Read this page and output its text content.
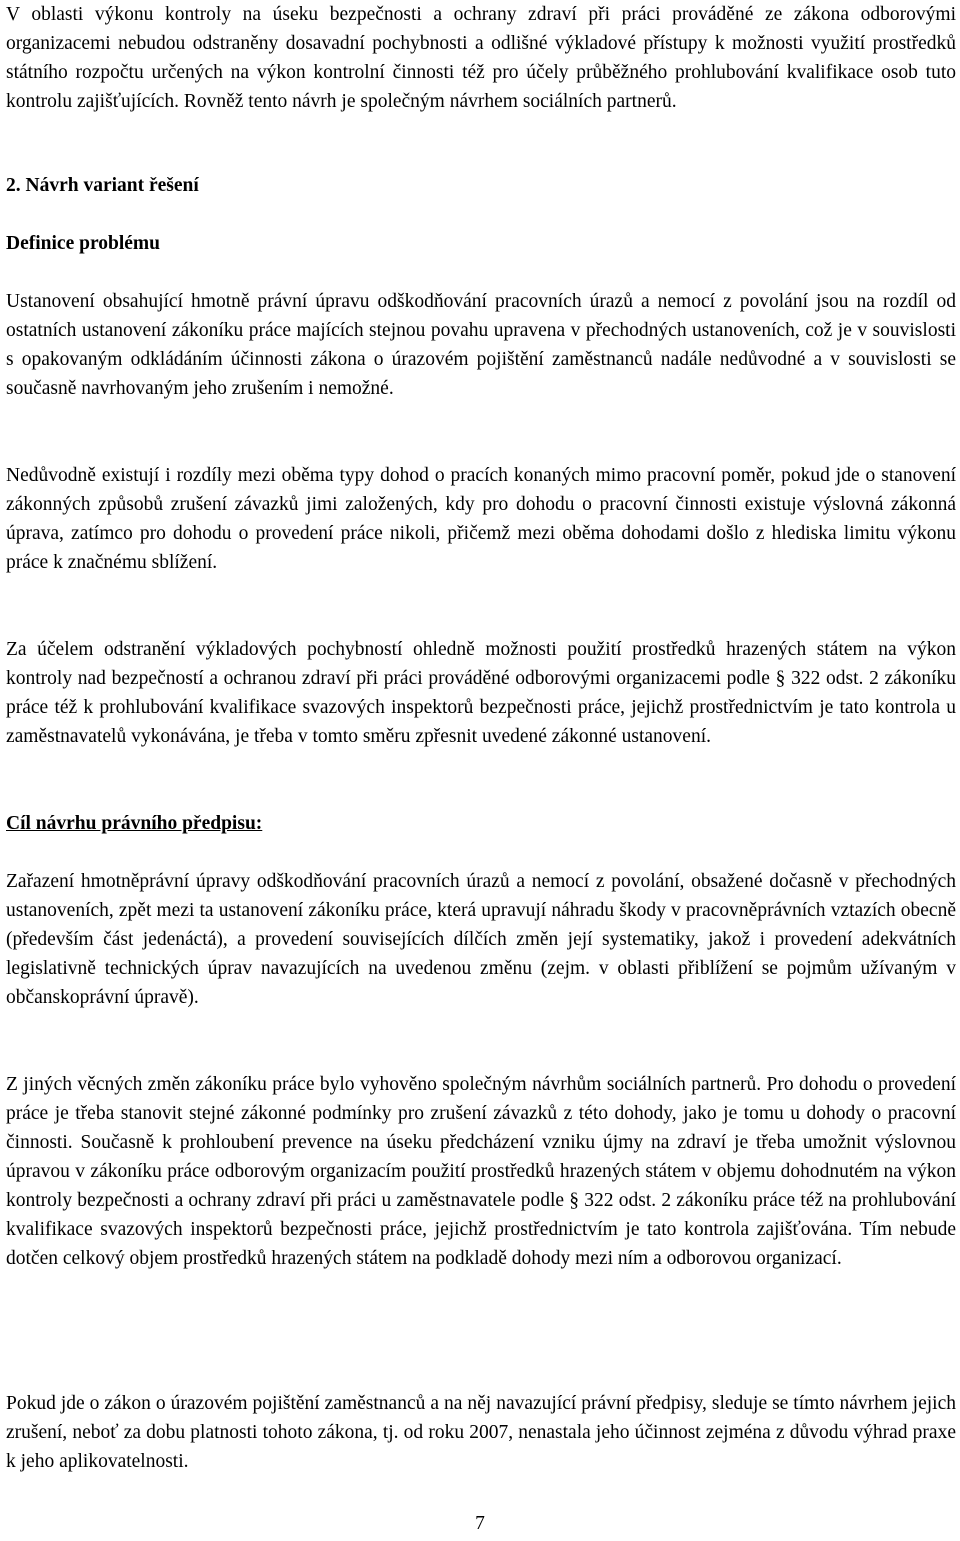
V oblasti výkonu kontroly na úseku bezpečnosti a ochrany zdraví při práci prováděné ze zákona odborovými organizacemi nebudou odstraněny dosavadní pochybnosti a odlišné výkladové přístupy k možnosti využití prostředků státního rozpočtu určených na výkon kontrolní činnosti též pro účely průběžného prohlubování kvalifikace osob tuto kontrolu zajišťujících. Rovněž tento návrh je společným návrhem sociálních partnerů.

2. Návrh variant řešení

Definice problému

Ustanovení obsahující hmotně právní úpravu odškodňování pracovních úrazů a nemocí z povolání jsou na rozdíl od ostatních ustanovení zákoníku práce majících stejnou povahu upravena v přechodných ustanoveních, což je v souvislosti s opakovaným odkládáním účinnosti zákona o úrazovém pojištění zaměstnanců nadále nedůvodné a v souvislosti se současně navrhovaným jeho zrušením i nemožné.

Nedůvodně existují i rozdíly mezi oběma typy dohod o pracích konaných mimo pracovní poměr, pokud jde o stanovení zákonných způsobů zrušení závazků jimi založených, kdy pro dohodu o pracovní činnosti existuje výslovná zákonná úprava, zatímco pro dohodu o provedení práce nikoli, přičemž mezi oběma dohodami došlo z hlediska limitu výkonu práce k značnému sblížení.

Za účelem odstranění výkladových pochybností ohledně možnosti použití prostředků hrazených státem na výkon kontroly nad bezpečností a ochranou zdraví při práci prováděné odborovými organizacemi podle § 322 odst. 2 zákoníku práce též k prohlubování kvalifikace svazových inspektorů bezpečnosti práce, jejichž prostřednictvím je tato kontrola u zaměstnavatelů vykonávána, je třeba v tomto směru zpřesnit uvedené zákonné ustanovení.

Cíl návrhu právního předpisu:

Zařazení hmotněprávní úpravy odškodňování pracovních úrazů a nemocí z povolání, obsažené dočasně v přechodných ustanoveních, zpět mezi ta ustanovení zákoníku práce, která upravují náhradu škody v pracovněprávních vztazích obecně (především část jedenáctá), a provedení souvisejících dílčích změn její systematiky, jakož i provedení adekvátních legislativně technických úprav navazujících na uvedenou změnu (zejm. v oblasti přiblížení se pojmům užívaným v občanskoprávní úpravě).

Z jiných věcných změn zákoníku práce bylo vyhověno společným návrhům sociálních partnerů. Pro dohodu o provedení práce je třeba stanovit stejné zákonné podmínky pro zrušení závazků z této dohody, jako je tomu u dohody o pracovní činnosti. Současně k prohloubení prevence na úseku předcházení vzniku újmy na zdraví je třeba umožnit výslovnou úpravou v zákoníku práce odborovým organizacím použití prostředků hrazených státem v objemu dohodnutém na výkon kontroly bezpečnosti a ochrany zdraví při práci u zaměstnavatele podle § 322 odst. 2 zákoníku práce též na prohlubování kvalifikace svazových inspektorů bezpečnosti práce, jejichž prostřednictvím je tato kontrola zajišťována. Tím nebude dotčen celkový objem prostředků hrazených státem na podkladě dohody mezi ním a odborovou organizací.

Pokud jde o zákon o úrazovém pojištění zaměstnanců a na něj navazující právní předpisy, sleduje se tímto návrhem jejich zrušení, neboť za dobu platnosti tohoto zákona, tj. od roku 2007, nenastala jeho účinnost zejména z důvodu výhrad praxe k jeho aplikovatelnosti.

7
